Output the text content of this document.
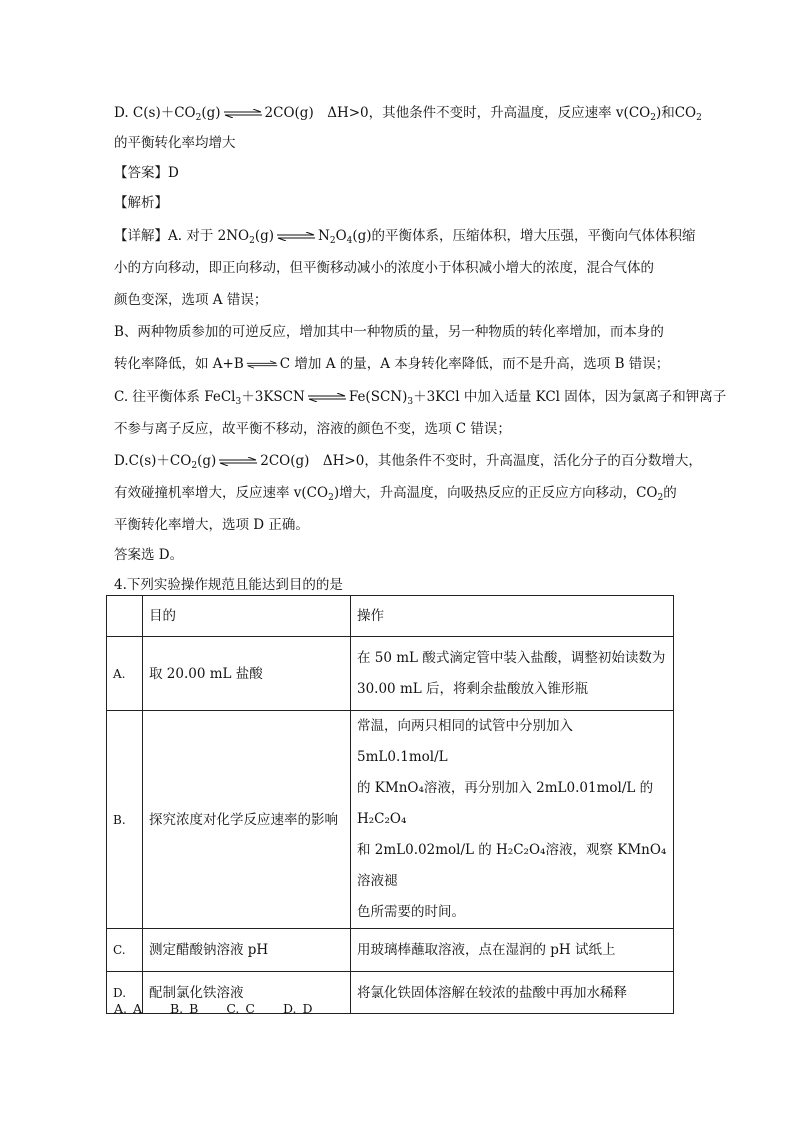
D. $C(s)+CO_2(g)$ ⇌ 2CO(g)　ΔH>0，其他条件不变时，升高温度，反应速率 $v(CO_2)$和$CO_2$
的平衡转化率均增大
【答案】D
【解析】
【详解】A. 对于 $2NO_2(g)$ ⇌ $N_2O_4(g)$的平衡体系，压缩体积，增大压强，平衡向气体体积缩
小的方向移动，即正向移动，但平衡移动减小的浓度小于体积减小增大的浓度，混合气体的
颜色变深，选项 A 错误；
B、两种物质参加的可逆反应，增加其中一种物质的量，另一种物质的转化率增加，而本身的
转化率降低，如 A+B ⇌ C 增加 A 的量，A 本身转化率降低，而不是升高，选项 B 错误；
C. 往平衡体系 FeCl$_3$＋3KSCN ⇌ $Fe(SCN)_3+3KCl$ 中加入适量 KCl 固体，因为氯离子和钾离子
不参与离子反应，故平衡不移动，溶液的颜色不变，选项 C 错误；
$D.C(s)+CO_2(g)$ ⇌ 2CO(g)　ΔH>0，其他条件不变时，升高温度，活化分子的百分数增大，
有效碰撞机率增大，反应速率 $v(CO_2)$增大，升高温度，向吸热反应的正反应方向移动，$CO_2$的
平衡转化率增大，选项 D 正确。
答案选 D。
4.下列实验操作规范且能达到目的的是
	目的	操作
A.	取 20.00 mL 盐酸	在 50 mL 酸式滴定管中装入盐酸，调整初始读数为
30.00 mL 后，将剩余盐酸放入锥形瓶

B.	探究浓度对化学反应速率的影响	常温，向两只相同的试管中分别加入 5mL0.1mol/L
的 KMnO₄溶液，再分别加入 2mL0.01mol/L 的 H₂C₂O₄
和 2mL0.02mol/L 的 H₂C₂O₄溶液，观察 KMnO₄溶液褪
色所需要的时间。

C.	测定醋酸钠溶液 pH	用玻璃棒蘸取溶液，点在湿润的 pH 试纸上
D.	配制氯化铁溶液	将氯化铁固体溶解在较浓的盐酸中再加水稀释
A. A B. B C. C D. D
